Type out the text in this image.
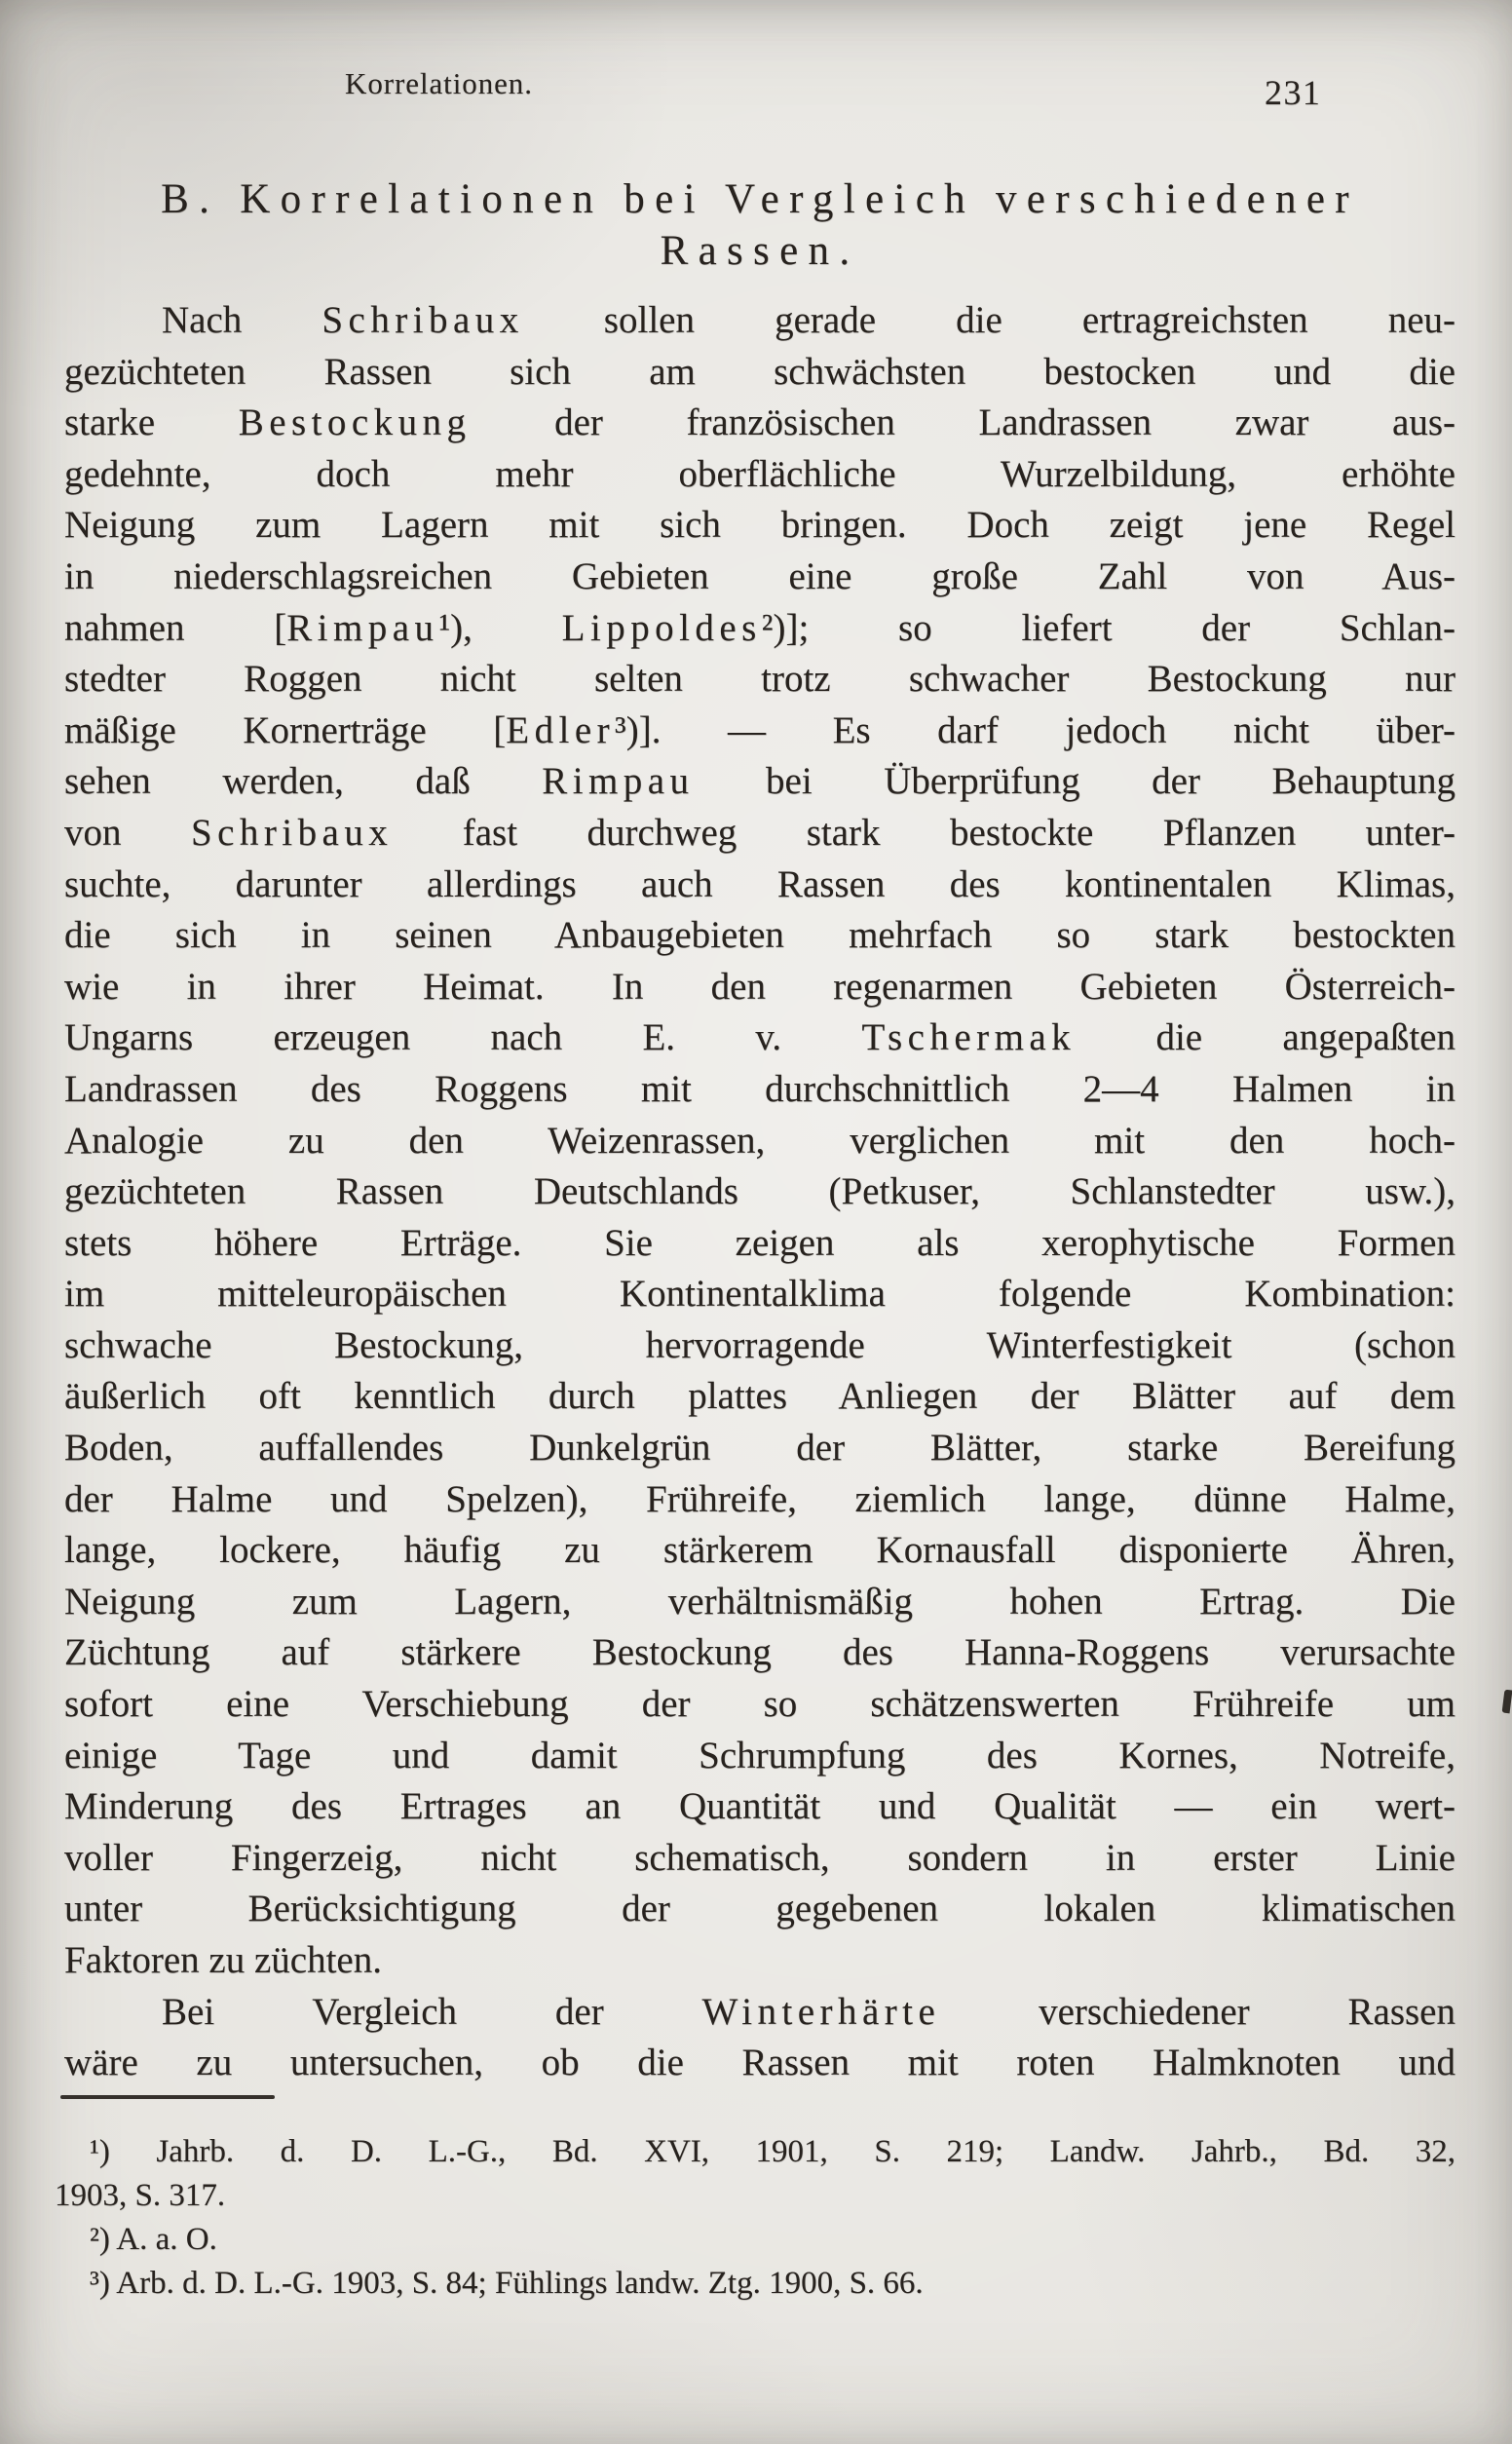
Korrelationen.	231
B. Korrelationen bei Vergleich verschiedener
Rassen.
Nach Schribaux sollen gerade die ertragreichsten neu-
gezüchteten Rassen sich am schwächsten bestocken und die
starke Bestockung der französischen Landrassen zwar aus-
gedehnte, doch mehr oberflächliche Wurzelbildung, erhöhte
Neigung zum Lagern mit sich bringen. Doch zeigt jene Regel
in niederschlagsreichen Gebieten eine große Zahl von Aus-
nahmen [Rimpau¹), Lippoldes²)]; so liefert der Schlan-
stedter Roggen nicht selten trotz schwacher Bestockung nur
mäßige Kornerträge [Edler³)]. — Es darf jedoch nicht über-
sehen werden, daß Rimpau bei Überprüfung der Behauptung
von Schribaux fast durchweg stark bestockte Pflanzen unter-
suchte, darunter allerdings auch Rassen des kontinentalen Klimas,
die sich in seinen Anbaugebieten mehrfach so stark bestockten
wie in ihrer Heimat. In den regenarmen Gebieten Österreich-
Ungarns erzeugen nach E. v. Tschermak die angepaßten
Landrassen des Roggens mit durchschnittlich 2—4 Halmen in
Analogie zu den Weizenrassen, verglichen mit den hoch-
gezüchteten Rassen Deutschlands (Petkuser, Schlanstedter usw.),
stets höhere Erträge. Sie zeigen als xerophytische Formen
im mitteleuropäischen Kontinentalklima folgende Kombination:
schwache Bestockung, hervorragende Winterfestigkeit (schon
äußerlich oft kenntlich durch plattes Anliegen der Blätter auf dem
Boden, auffallendes Dunkelgrün der Blätter, starke Bereifung
der Halme und Spelzen), Frühreife, ziemlich lange, dünne Halme,
lange, lockere, häufig zu stärkerem Kornausfall disponierte Ähren,
Neigung zum Lagern, verhältnismäßig hohen Ertrag. Die
Züchtung auf stärkere Bestockung des Hanna-Roggens verursachte
sofort eine Verschiebung der so schätzenswerten Frühreife um
einige Tage und damit Schrumpfung des Kornes, Notreife,
Minderung des Ertrages an Quantität und Qualität — ein wert-
voller Fingerzeig, nicht schematisch, sondern in erster Linie
unter Berücksichtigung der gegebenen lokalen klimatischen
Faktoren zu züchten.
Bei Vergleich der Winterhärte verschiedener Rassen
wäre zu untersuchen, ob die Rassen mit roten Halmknoten und
¹) Jahrb. d. D. L.-G., Bd. XVI, 1901, S. 219; Landw. Jahrb., Bd. 32,
1903, S. 317.
²) A. a. O.
³) Arb. d. D. L.-G. 1903, S. 84; Fühlings landw. Ztg. 1900, S. 66.
